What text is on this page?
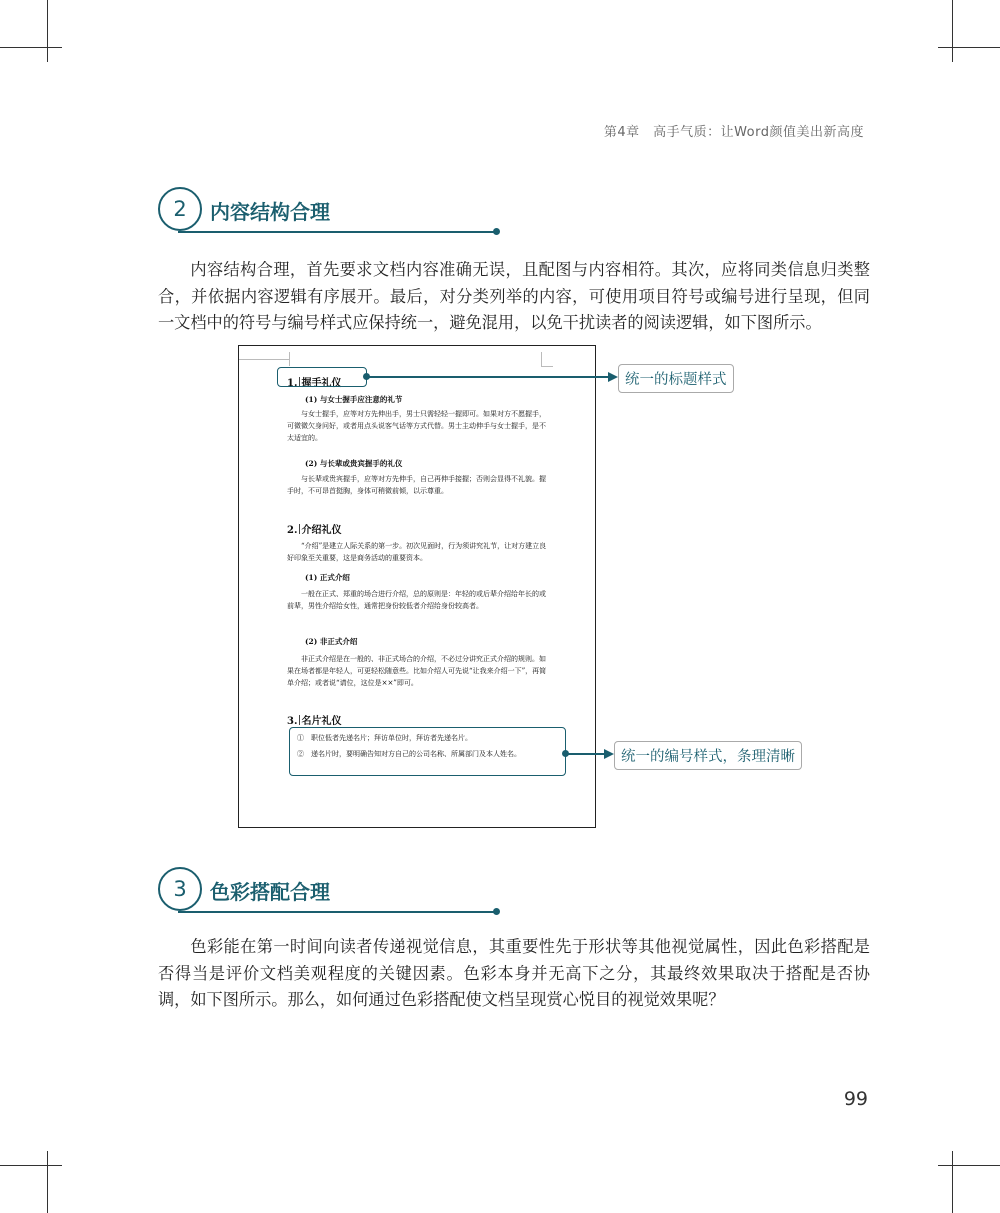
第4章　高手气质：让Word颜值美出新高度
2	内容结构合理

内容结构合理，首先要求文档内容准确无误，且配图与内容相符。其次，应将同类信息归类整合，并依据内容逻辑有序展开。最后，对分类列举的内容，可使用项目符号或编号进行呈现，但同一文档中的符号与编号样式应保持统一，避免混用，以免干扰读者的阅读逻辑，如下图所示。

1. 握手礼仪
(1) 与女士握手应注意的礼节
与女士握手，应等对方先伸出手，男士只需轻轻一握即可。如果对方不愿握手，可微微欠身问好，或者用点头说客气话等方式代替。男士主动伸手与女士握手，是不太适宜的。
(2) 与长辈或贵宾握手的礼仪
与长辈或贵宾握手，应等对方先伸手，自己再伸手接握；否则会显得不礼貌。握手时，不可昂首挺胸，身体可稍微前倾，以示尊重。
2. 介绍礼仪
“介绍”是建立人际关系的第一步。初次见面时，行为须讲究礼节，让对方建立良好印象至关重要，这是商务活动的重要资本。
(1) 正式介绍
一般在正式、郑重的场合进行介绍，总的原则是：年轻的或后辈介绍给年长的或前辈，男性介绍给女性，通常把身份较低者介绍给身份较高者。
(2) 非正式介绍
非正式介绍是在一般的、非正式场合的介绍，不必过分讲究正式介绍的规则。如果在场者都是年轻人，可更轻松随意些。比如介绍人可先说“让我来介绍一下”，再简单介绍；或者说“请位，这位是××”即可。
3. 名片礼仪
①　职位低者先递名片；拜访单位时，拜访者先递名片。
②　递名片时，要明确告知对方自己的公司名称、所属部门及本人姓名。
统一的标题样式
统一的编号样式，条理清晰
3	色彩搭配合理

色彩能在第一时间向读者传递视觉信息，其重要性先于形状等其他视觉属性，因此色彩搭配是否得当是评价文档美观程度的关键因素。色彩本身并无高下之分，其最终效果取决于搭配是否协调，如下图所示。那么，如何通过色彩搭配使文档呈现赏心悦目的视觉效果呢？

99
